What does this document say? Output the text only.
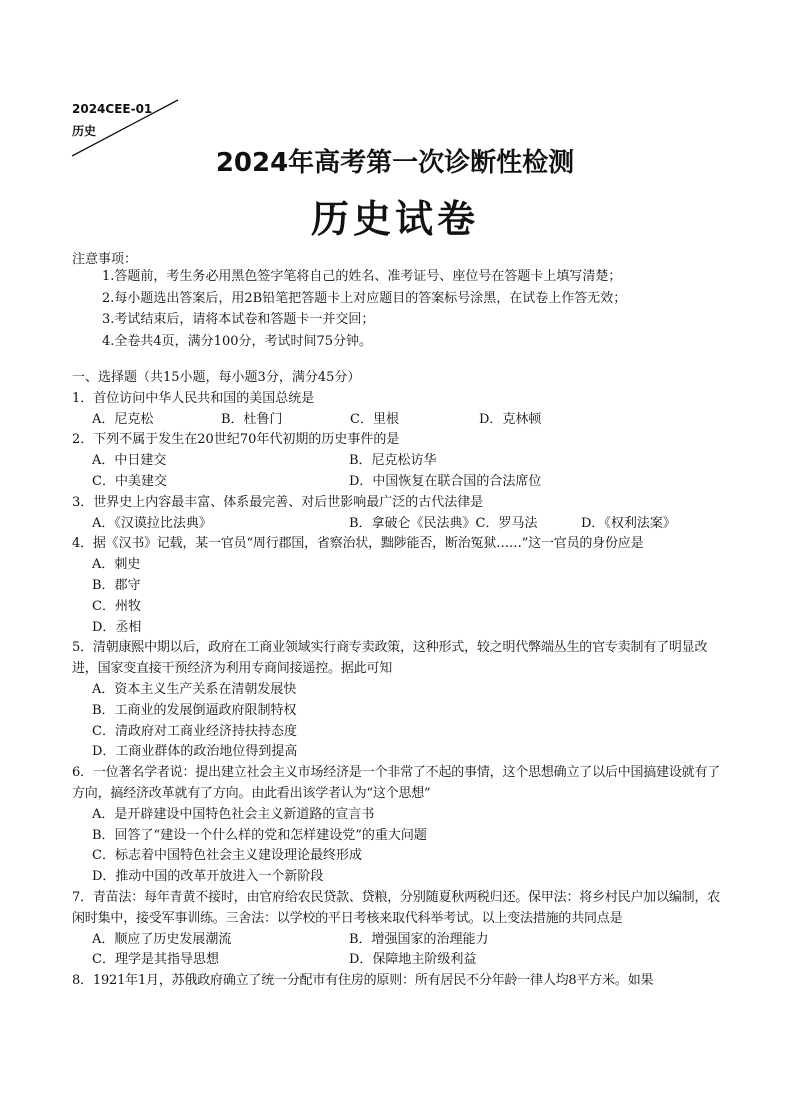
2024CEE-01
历史
2024年高考第一次诊断性检测
历史试卷
注意事项：
1.答题前，考生务必用黑色签字笔将自己的姓名、准考证号、座位号在答题卡上填写清楚；
2.每小题选出答案后，用2B铅笔把答题卡上对应题目的答案标号涂黑，在试卷上作答无效；
3.考试结束后，请将本试卷和答题卡一并交回；
4.全卷共4页，满分100分，考试时间75分钟。

一、选择题（共15小题，每小题3分，满分45分）

1．首位访问中华人民共和国的美国总统是

A．尼克松	B．杜鲁门	C．里根	D．克林顿

2．下列不属于发生在20世纪70年代初期的历史事件的是

A．中日建交	B．尼克松访华
C．中美建交	D．中国恢复在联合国的合法席位

3．世界史上内容最丰富、体系最完善、对后世影响最广泛的古代法律是

A．《汉谟拉比法典》	B．拿破仑《民法典》C．罗马法	D．《权利法案》

4．据《汉书》记载，某一官员“周行郡国，省察治状，黜陟能否，断治冤狱……”这一官员的身份应是

A．刺史

B．郡守

C．州牧

D．丞相

5．清朝康熙中期以后，政府在工商业领域实行商专卖政策，这种形式，较之明代弊端丛生的官专卖制有了明显改进，国家变直接干预经济为利用专商间接遥控。据此可知

A．资本主义生产关系在清朝发展快

B．工商业的发展倒逼政府限制特权

C．清政府对工商业经济持扶持态度

D．工商业群体的政治地位得到提高

6．一位著名学者说：提出建立社会主义市场经济是一个非常了不起的事情，这个思想确立了以后中国搞建设就有了方向，搞经济改革就有了方向。由此看出该学者认为“这个思想”

A．是开辟建设中国特色社会主义新道路的宣言书

B．回答了“建设一个什么样的党和怎样建设党”的重大问题

C．标志着中国特色社会主义建设理论最终形成

D．推动中国的改革开放进入一个新阶段

7．青苗法：每年青黄不接时，由官府给农民贷款、贷粮，分别随夏秋两税归还。保甲法：将乡村民户加以编制，农闲时集中，接受军事训练。三舍法：以学校的平日考核来取代科举考试。以上变法措施的共同点是

A．顺应了历史发展潮流	B．增强国家的治理能力
C．理学是其指导思想	D．保障地主阶级利益

8．1921年1月，苏俄政府确立了统一分配市有住房的原则：所有居民不分年龄一律人均8平方米。如果
